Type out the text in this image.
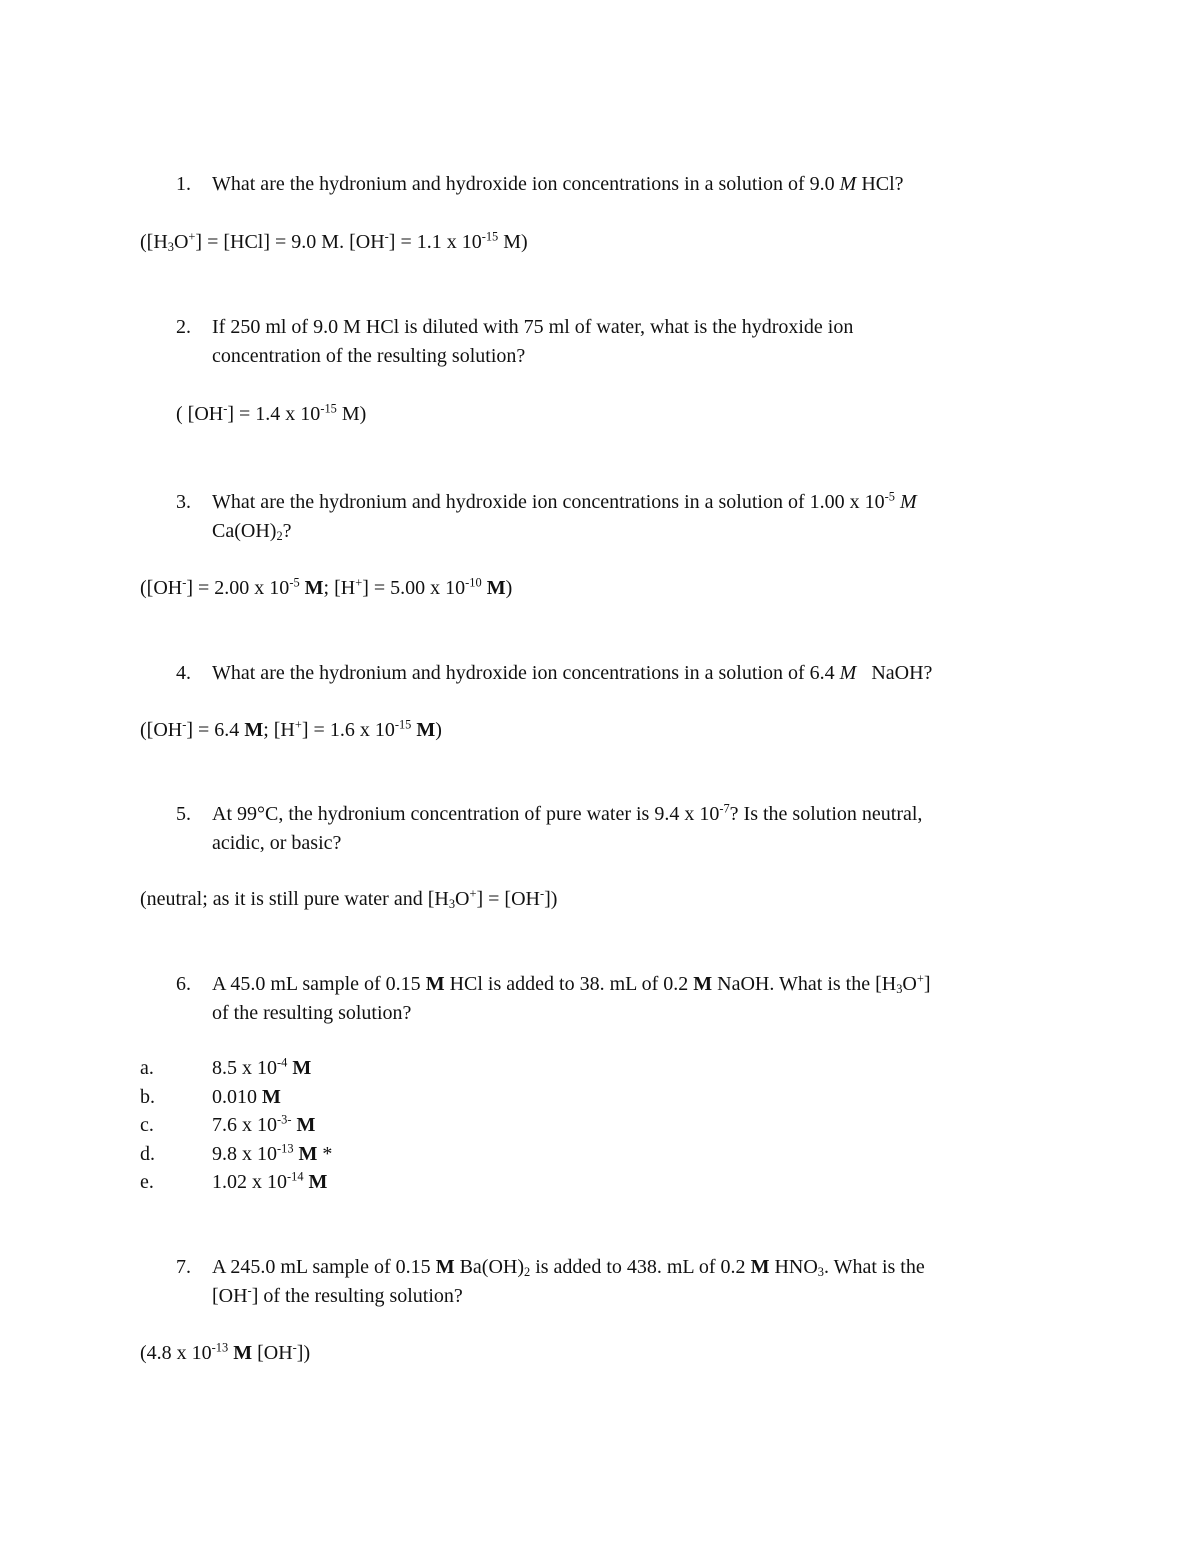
1. What are the hydronium and hydroxide ion concentrations in a solution of 9.0 M HCl?
($[H_3O^+] = [HCl] = 9.0$ M. [OH-] = 1.1 x $10^{-15}$ M)
2. If 250 ml of 9.0 M HCl is diluted with 75 ml of water, what is the hydroxide ion
concentration of the resulting solution?
( [OH-] = 1.4 x $10^{-15}$ M)
3. What are the hydronium and hydroxide ion concentrations in a solution of 1.00 x $10^{-5}$ M
$Ca(OH)_2$?
([OH-] = 2.00 x $10^{-5}$ M; [H+] = 5.00 x $10^{-10}$ M)
4. What are the hydronium and hydroxide ion concentrations in a solution of 6.4 M NaOH?
([OH-] = 6.4 M; [H+] = 1.6 x $10^{-15}$ M)
5. At 99°C, the hydronium concentration of pure water is 9.4 x $10^{-7}$? Is the solution neutral,
acidic, or basic?
(neutral; as it is still pure water and $[H_3O^+] = [OH^-]$)
6. A 45.0 mL sample of 0.15 M HCl is added to 38. mL of 0.2 M NaOH. What is the $[H_3O^+]$
of the resulting solution?
a.	8.5 x $10^{-4}$ M
b.	0.010 M
c.	7.6 x $10^{-3-}$ M
d.	9.8 x $10^{-13}$ M *
e.	1.02 x $10^{-14}$ M
7. A 245.0 mL sample of 0.15 M $Ba(OH)_2$ is added to 438. mL of 0.2 M $HNO_3$. What is the
[OH-] of the resulting solution?
(4.8 x $10^{-13}$ M [OH-])
